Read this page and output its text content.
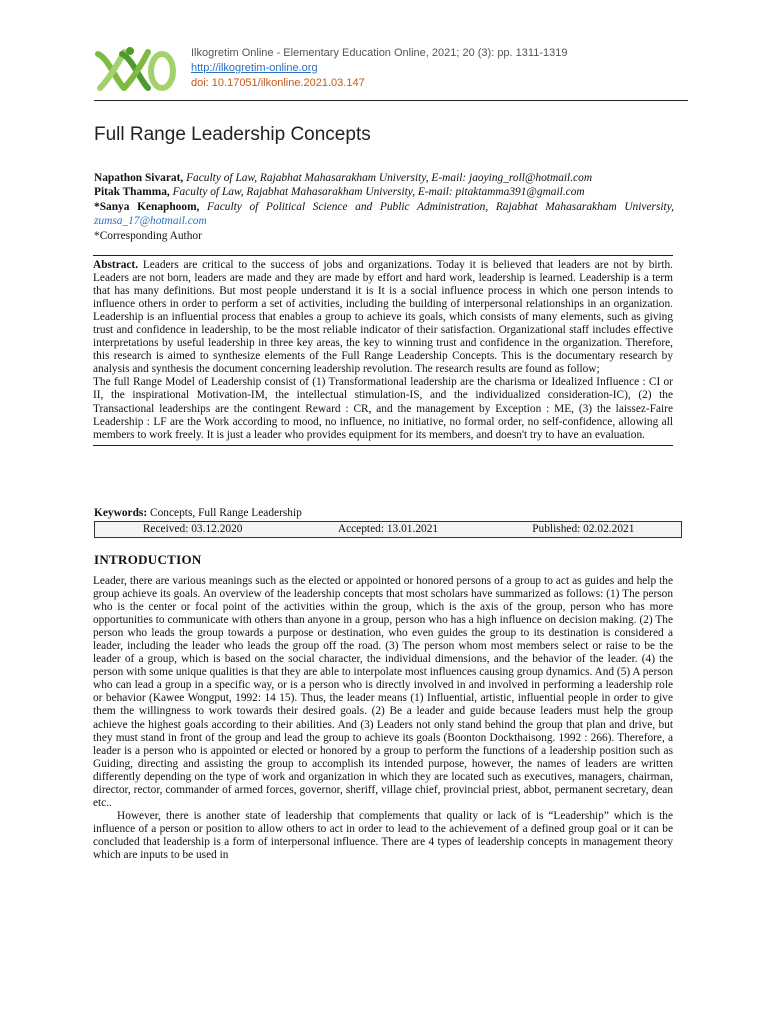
Ilkogretim Online - Elementary Education Online, 2021; 20 (3): pp. 1311-1319
http://ilkogretim-online.org
doi: 10.17051/ilkonline.2021.03.147
Full Range Leadership Concepts
Napathon Sivarat, Faculty of Law, Rajabhat Mahasarakham University, E-mail: jaoying_roll@hotmail.com
Pitak Thamma, Faculty of Law, Rajabhat Mahasarakham University, E-mail: pitaktamma391@gmail.com
*Sanya Kenaphoom, Faculty of Political Science and Public Administration, Rajabhat Mahasarakham University, zumsa_17@hotmail.com
*Corresponding Author

Abstract. Leaders are critical to the success of jobs and organizations. Today it is believed that leaders are not by birth. Leaders are not born, leaders are made and they are made by effort and hard work, leadership is learned. Leadership is a term that has many definitions. But most people understand it is It is a social influence process in which one person intends to influence others in order to perform a set of activities, including the building of interpersonal relationships in an organization. Leadership is an influential process that enables a group to achieve its goals, which consists of many elements, such as giving trust and confidence in leadership, to be the most reliable indicator of their satisfaction. Organizational staff includes effective interpretations by useful leadership in three key areas, the key to winning trust and confidence in the organization. Therefore, this research is aimed to synthesize elements of the Full Range Leadership Concepts. This is the documentary research by analysis and synthesis the document concerning leadership revolution. The research results are found as follow;

The full Range Model of Leadership consist of (1) Transformational leadership are the charisma or Idealized Influence : CI or II, the inspirational Motivation-IM, the intellectual stimulation-IS, and the individualized consideration-IC), (2) the Transactional leaderships are the contingent Reward : CR, and the management by Exception : ME, (3) the laissez-Faire Leadership : LF are the Work according to mood, no influence, no initiative, no formal order, no self-confidence, allowing all members to work freely. It is just a leader who provides equipment for its members, and doesn't try to have an evaluation.

Keywords: Concepts, Full Range Leadership
Received: 03.12.2020	Accepted: 13.01.2021	Published: 02.02.2021
INTRODUCTION

Leader, there are various meanings such as the elected or appointed or honored persons of a group to act as guides and help the group achieve its goals. An overview of the leadership concepts that most scholars have summarized as follows: (1) The person who is the center or focal point of the activities within the group, which is the axis of the group, person who has more opportunities to communicate with others than anyone in a group, person who has a high influence on decision making. (2) The person who leads the group towards a purpose or destination, who even guides the group to its destination is considered a leader, including the leader who leads the group off the road. (3) The person whom most members select or raise to be the leader of a group, which is based on the social character, the individual dimensions, and the behavior of the leader. (4) the person with some unique qualities is that they are able to interpolate most influences causing group dynamics. And (5) A person who can lead a group in a specific way, or is a person who is directly involved in and involved in performing a leadership role or behavior (Kawee Wongput, 1992: 14 15). Thus, the leader means (1) Influential, artistic, influential people in order to give them the willingness to work towards their desired goals. (2) Be a leader and guide because leaders must help the group achieve the highest goals according to their abilities. And (3) Leaders not only stand behind the group that plan and drive, but they must stand in front of the group and lead the group to achieve its goals (Boonton Dockthaisong. 1992 : 266). Therefore, a leader is a person who is appointed or elected or honored by a group to perform the functions of a leadership position such as Guiding, directing and assisting the group to accomplish its intended purpose, however, the names of leaders are written differently depending on the type of work and organization in which they are located such as executives, managers, chairman, director, rector, commander of armed forces, governor, sheriff, village chief, provincial priest, abbot, permanent secretary, dean etc..

However, there is another state of leadership that complements that quality or lack of is “Leadership” which is the influence of a person or position to allow others to act in order to lead to the achievement of a defined group goal or it can be concluded that leadership is a form of interpersonal influence. There are 4 types of leadership concepts in management theory which are inputs to be used in
